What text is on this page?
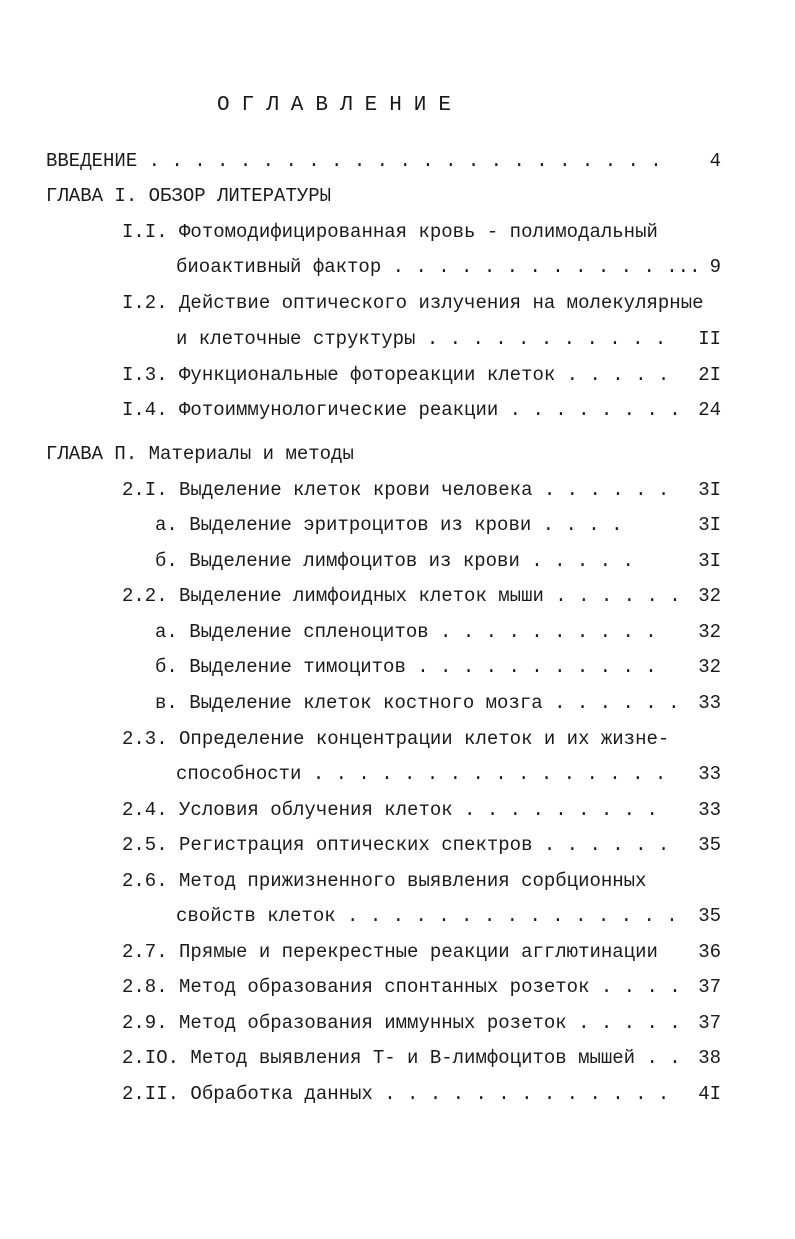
ОГЛАВЛЕНИЕ
ВВЕДЕНИЕ . . . . . . . . . . . . . . . . . . . . . . .	4
ГЛАВА I. ОБЗОР ЛИТЕРАТУРЫ
I.I. Фотомодифицированная кровь - полимодальный
биоактивный фактор . . . . . . . . . . . . ... 9
I.2. Действие оптического излучения на молекулярные
и клеточные структуры . . . . . . . . . . . II
I.3. Функциональные фотореакции клеток . . . . . 2I
I.4. Фотоиммунологические реакции . . . . . . . . 24
ГЛАВА П. Материалы и методы
2.I. Выделение клеток крови человека . . . . . . 3I
а. Выделение эритроцитов из крови . . . .	3I
б. Выделение лимфоцитов из крови . . . . .	3I
2.2. Выделение лимфоидных клеток мыши . . . . . . 32
а. Выделение спленоцитов . . . . . . . . . . 32
б. Выделение тимоцитов . . . . . . . . . . . 32
в. Выделение клеток костного мозга . . . . . . 33
2.3. Определение концентрации клеток и их жизне-
способности . . . . . . . . . . . . . . . . 33
2.4. Условия облучения клеток . . . . . . . . . 33
2.5. Регистрация оптических спектров . . . . . . 35
2.6. Метод прижизненного выявления сорбционных
свойств клеток . . . . . . . . . . . . . . . 35
2.7. Прямые и перекрестные реакции агглютинации 36
2.8. Метод образования спонтанных розеток . . . . 37
2.9. Метод образования иммунных розеток . . . . . 37
2.IO. Метод выявления Т- и В-лимфоцитов мышей . . 38
2.II. Обработка данных . . . . . . . . . . . . . 4I
